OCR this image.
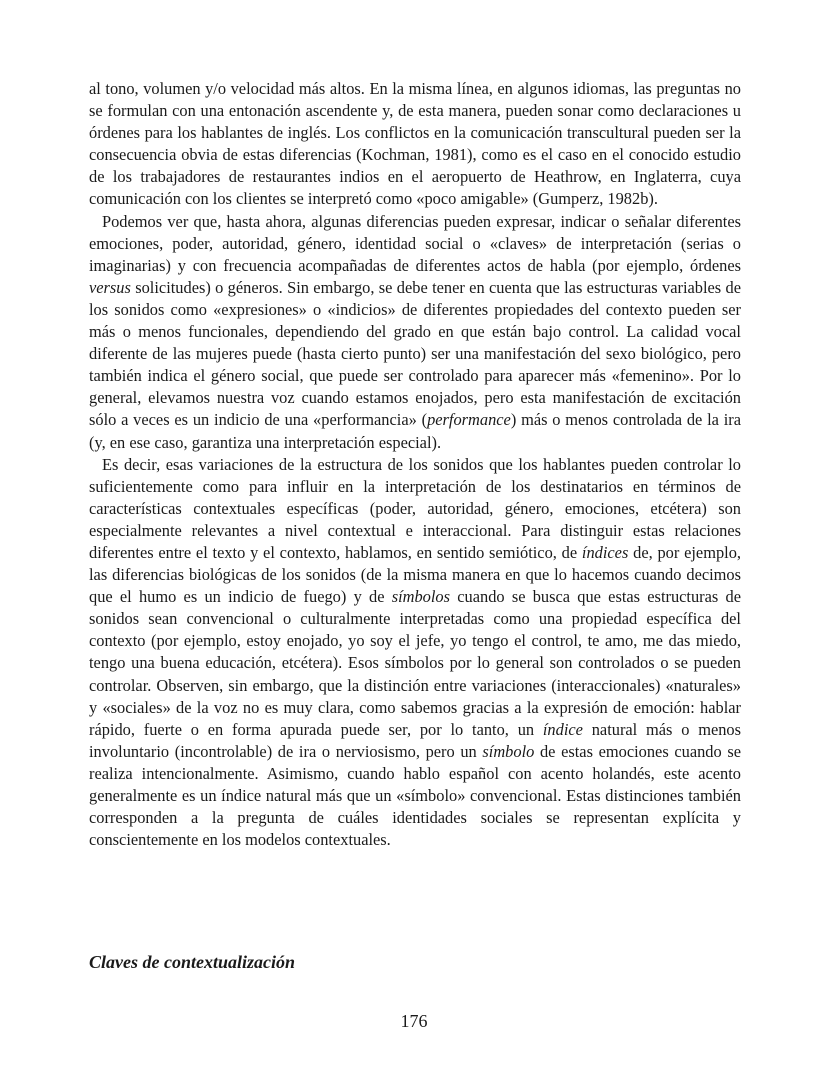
al tono, volumen y/o velocidad más altos. En la misma línea, en algunos idiomas, las preguntas no se formulan con una entonación ascendente y, de esta manera, pueden sonar como declaraciones u órdenes para los hablantes de inglés. Los conflictos en la comunicación transcultural pueden ser la consecuencia obvia de estas diferencias (Kochman, 1981), como es el caso en el conocido estudio de los trabajadores de restaurantes indios en el aeropuerto de Heathrow, en Inglaterra, cuya comunicación con los clientes se interpretó como «poco amigable» (Gumperz, 1982b).

Podemos ver que, hasta ahora, algunas diferencias pueden expresar, indicar o señalar diferentes emociones, poder, autoridad, género, identidad social o «claves» de interpretación (serias o imaginarias) y con frecuencia acompañadas de diferentes actos de habla (por ejemplo, órdenes versus solicitudes) o géneros. Sin embargo, se debe tener en cuenta que las estructuras variables de los sonidos como «expresiones» o «indicios» de diferentes propiedades del contexto pueden ser más o menos funcionales, dependiendo del grado en que están bajo control. La calidad vocal diferente de las mujeres puede (hasta cierto punto) ser una manifestación del sexo biológico, pero también indica el género social, que puede ser controlado para aparecer más «femenino». Por lo general, elevamos nuestra voz cuando estamos enojados, pero esta manifestación de excitación sólo a veces es un indicio de una «performancia» (performance) más o menos controlada de la ira (y, en ese caso, garantiza una interpretación especial).

Es decir, esas variaciones de la estructura de los sonidos que los hablantes pueden controlar lo suficientemente como para influir en la interpretación de los destinatarios en términos de características contextuales específicas (poder, autoridad, género, emociones, etcétera) son especialmente relevantes a nivel contextual e interaccional. Para distinguir estas relaciones diferentes entre el texto y el contexto, hablamos, en sentido semiótico, de índices de, por ejemplo, las diferencias biológicas de los sonidos (de la misma manera en que lo hacemos cuando decimos que el humo es un indicio de fuego) y de símbolos cuando se busca que estas estructuras de sonidos sean convencional o culturalmente interpretadas como una propiedad específica del contexto (por ejemplo, estoy enojado, yo soy el jefe, yo tengo el control, te amo, me das miedo, tengo una buena educación, etcétera). Esos símbolos por lo general son controlados o se pueden controlar. Observen, sin embargo, que la distinción entre variaciones (interaccionales) «naturales» y «sociales» de la voz no es muy clara, como sabemos gracias a la expresión de emoción: hablar rápido, fuerte o en forma apurada puede ser, por lo tanto, un índice natural más o menos involuntario (incontrolable) de ira o nerviosismo, pero un símbolo de estas emociones cuando se realiza intencionalmente. Asimismo, cuando hablo español con acento holandés, este acento generalmente es un índice natural más que un «símbolo» convencional. Estas distinciones también corresponden a la pregunta de cuáles identidades sociales se representan explícita y conscientemente en los modelos contextuales.

Claves de contextualización
176
